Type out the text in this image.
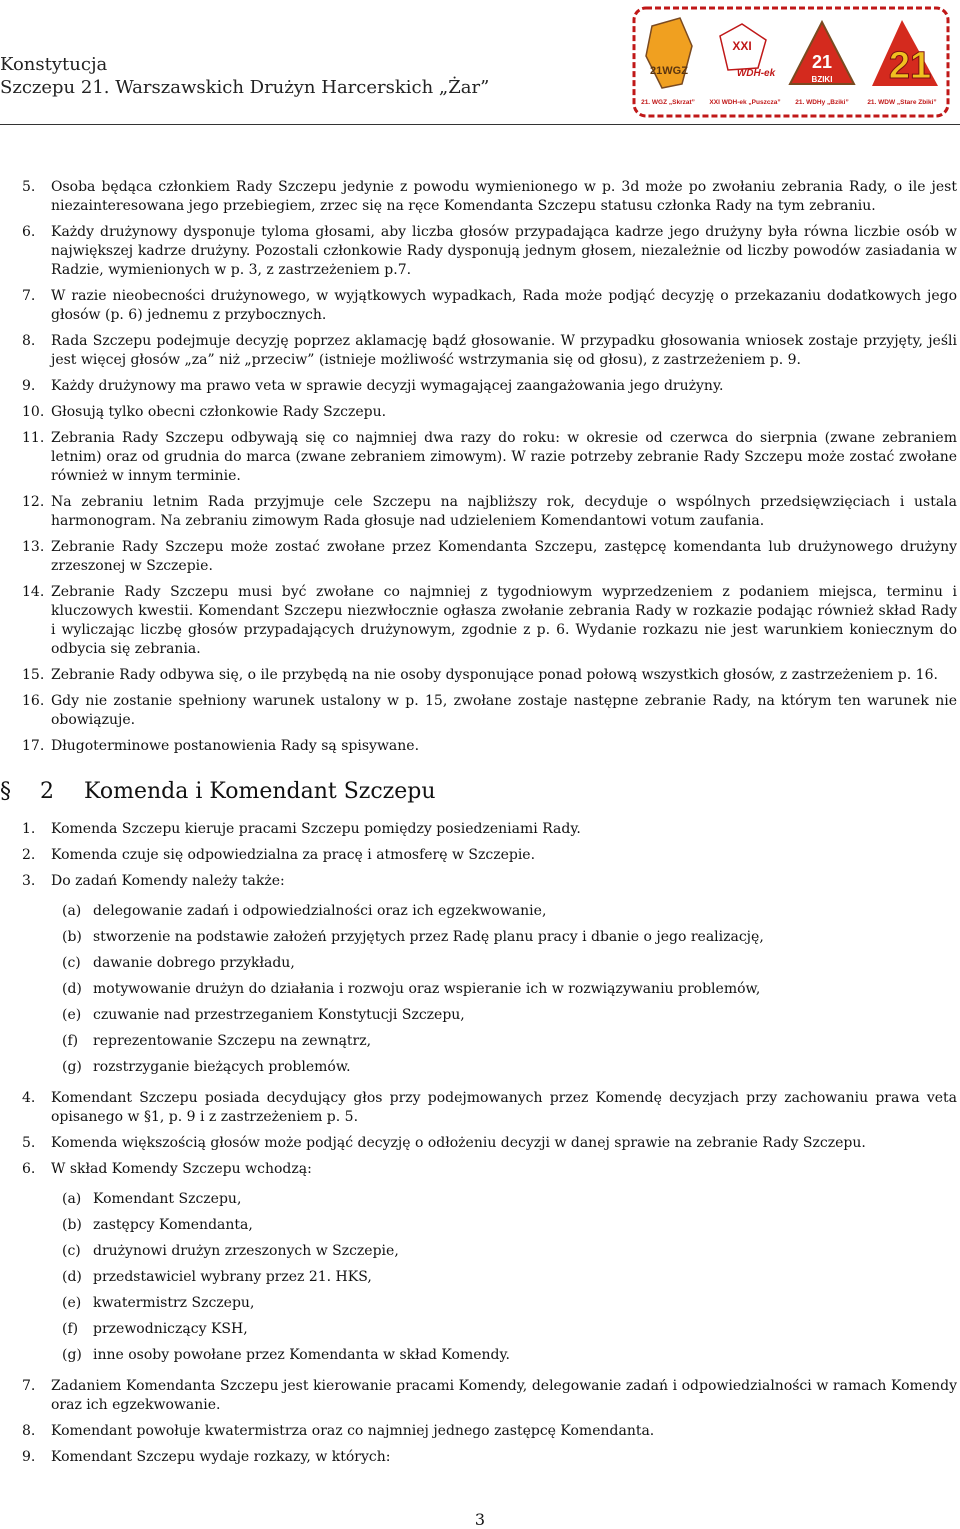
Konstytucja
Szczepu 21. Warszawskich Drużyn Harcerskich „Żar”
21WGZ
XXI
WDH-ek
21
BZIKI 21
21. WGZ „Skrzat” XXI WDH-ek „Puszcza” 21. WDHy „Bziki”	21. WDW „Stare Zbiki”
5. Osoba będąca członkiem Rady Szczepu jedynie z powodu wymienionego w p. 3d może po zwołaniu zebrania Rady, o ile jest niezainteresowana jego przebiegiem, zrzec się na ręce Komendanta Szczepu statusu członka Rady na tym zebraniu.
6. Każdy drużynowy dysponuje tyloma głosami, aby liczba głosów przypadająca kadrze jego drużyny była równa liczbie osób w największej kadrze drużyny. Pozostali członkowie Rady dysponują jednym głosem, niezależnie od liczby powodów zasiadania w Radzie, wymienionych w p. 3, z zastrzeżeniem p.7.
7. W razie nieobecności drużynowego, w wyjątkowych wypadkach, Rada może podjąć decyzję o przekazaniu dodatkowych jego głosów (p. 6) jednemu z przybocznych.
8. Rada Szczepu podejmuje decyzję poprzez aklamację bądź głosowanie. W przypadku głosowania wniosek zostaje przyjęty, jeśli jest więcej głosów „za” niż „przeciw” (istnieje możliwość wstrzymania się od głosu), z zastrzeżeniem p. 9.
9. Każdy drużynowy ma prawo veta w sprawie decyzji wymagającej zaangażowania jego drużyny.
10. Głosują tylko obecni członkowie Rady Szczepu.
11. Zebrania Rady Szczepu odbywają się co najmniej dwa razy do roku: w okresie od czerwca do sierpnia (zwane zebraniem letnim) oraz od grudnia do marca (zwane zebraniem zimowym). W razie potrzeby zebranie Rady Szczepu może zostać zwołane również w innym terminie.
12. Na zebraniu letnim Rada przyjmuje cele Szczepu na najbliższy rok, decyduje o wspólnych przedsięwzięciach i ustala harmonogram. Na zebraniu zimowym Rada głosuje nad udzieleniem Komendantowi votum zaufania.
13. Zebranie Rady Szczepu może zostać zwołane przez Komendanta Szczepu, zastępcę komendanta lub drużynowego drużyny zrzeszonej w Szczepie.
14. Zebranie Rady Szczepu musi być zwołane co najmniej z tygodniowym wyprzedzeniem z podaniem miejsca, terminu i kluczowych kwestii. Komendant Szczepu niezwłocznie ogłasza zwołanie zebrania Rady w rozkazie podając również skład Rady i wyliczając liczbę głosów przypadających drużynowym, zgodnie z p. 6. Wydanie rozkazu nie jest warunkiem koniecznym do odbycia się zebrania.
15. Zebranie Rady odbywa się, o ile przybędą na nie osoby dysponujące ponad połową wszystkich głosów, z zastrzeżeniem p. 16.
16. Gdy nie zostanie spełniony warunek ustalony w p. 15, zwołane zostaje następne zebranie Rady, na którym ten warunek nie obowiązuje.
17. Długoterminowe postanowienia Rady są spisywane.
§ 2 Komenda i Komendant Szczepu
1. Komenda Szczepu kieruje pracami Szczepu pomiędzy posiedzeniami Rady.
2. Komenda czuje się odpowiedzialna za pracę i atmosferę w Szczepie.
3. Do zadań Komendy należy także:
(a) delegowanie zadań i odpowiedzialności oraz ich egzekwowanie,
(b) stworzenie na podstawie założeń przyjętych przez Radę planu pracy i dbanie o jego realizację,
(c) dawanie dobrego przykładu,
(d) motywowanie drużyn do działania i rozwoju oraz wspieranie ich w rozwiązywaniu problemów,
(e) czuwanie nad przestrzeganiem Konstytucji Szczepu,
(f) reprezentowanie Szczepu na zewnątrz,
(g) rozstrzyganie bieżących problemów.
4. Komendant Szczepu posiada decydujący głos przy podejmowanych przez Komendę decyzjach przy zachowaniu prawa veta opisanego w §1, p. 9 i z zastrzeżeniem p. 5.
5. Komenda większością głosów może podjąć decyzję o odłożeniu decyzji w danej sprawie na zebranie Rady Szczepu.
6. W skład Komendy Szczepu wchodzą:
(a) Komendant Szczepu,
(b) zastępcy Komendanta,
(c) drużynowi drużyn zrzeszonych w Szczepie,
(d) przedstawiciel wybrany przez 21. HKS,
(e) kwatermistrz Szczepu,
(f) przewodniczący KSH,
(g) inne osoby powołane przez Komendanta w skład Komendy.
7. Zadaniem Komendanta Szczepu jest kierowanie pracami Komendy, delegowanie zadań i odpowiedzialności w ramach Komendy oraz ich egzekwowanie.
8. Komendant powołuje kwatermistrza oraz co najmniej jednego zastępcę Komendanta.
9. Komendant Szczepu wydaje rozkazy, w których:
3
